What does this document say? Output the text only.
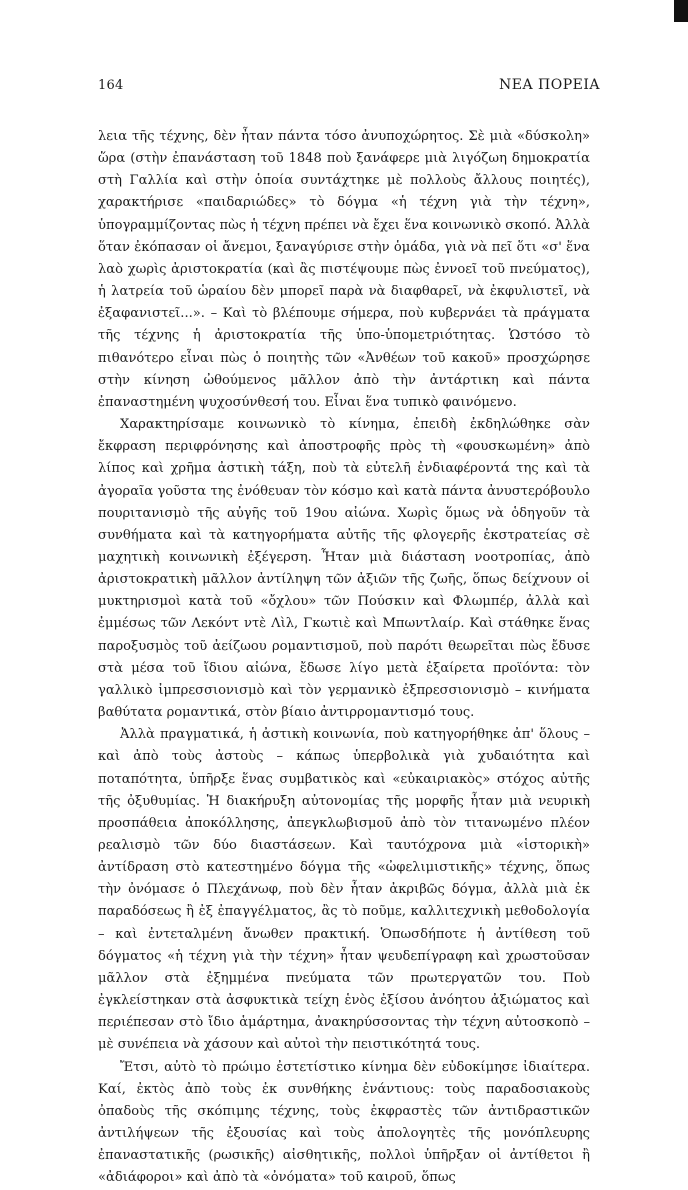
164	ΝΕΑ ΠΟΡΕΙΑ

λεια τῆς τέχνης, δὲν ἦταν πάντα τόσο ἀνυποχώρητος. Σὲ μιὰ «δύσκολη» ὥρα (στὴν ἐπανάσταση τοῦ 1848 ποὺ ξανάφερε μιὰ λιγόζωη δημοκρατία στὴ Γαλλία καὶ στὴν ὁποία συντάχτηκε μὲ πολλοὺς ἄλλους ποιητές), χαρακτήρισε «παιδαριώδες» τὸ δόγμα «ἡ τέχνη γιὰ τὴν τέχνη», ὑπογραμμίζοντας πὼς ἡ τέχνη πρέπει νὰ ἔχει ἕνα κοινωνικὸ σκοπό. Ἀλλὰ ὅταν ἐκόπασαν οἱ ἄνεμοι, ξαναγύρισε στὴν ὁμάδα, γιὰ νὰ πεῖ ὅτι «σ' ἕνα λαὸ χωρὶς ἀριστοκρατία (καὶ ἂς πιστέψουμε πὼς ἐννοεῖ τοῦ πνεύματος), ἡ λατρεία τοῦ ὡραίου δὲν μπορεῖ παρὰ νὰ διαφθαρεῖ, νὰ ἐκφυλιστεῖ, νὰ ἐξαφανιστεῖ...». – Καὶ τὸ βλέπουμε σήμερα, ποὺ κυβερνάει τὰ πράγματα τῆς τέχνης ἡ ἀριστοκρατία τῆς ὑπο-ὑπομετριότητας. Ὡστόσο τὸ πιθανότερο εἶναι πὼς ὁ ποιητὴς τῶν «Ἀνθέων τοῦ κακοῦ» προσχώρησε στὴν κίνηση ὠθούμενος μᾶλλον ἀπὸ τὴν ἀντάρτικη καὶ πάντα ἐπαναστημένη ψυχοσύνθεσή του. Εἶναι ἕνα τυπικὸ φαινόμενο.

Χαρακτηρίσαμε κοινωνικὸ τὸ κίνημα, ἐπειδὴ ἐκδηλώθηκε σὰν ἔκφραση περιφρόνησης καὶ ἀποστροφῆς πρὸς τὴ «φουσκωμένη» ἀπὸ λίπος καὶ χρῆμα ἀστικὴ τάξη, ποὺ τὰ εὐτελῆ ἐνδιαφέροντά της καὶ τὰ ἀγοραῖα γοῦστα της ἐνόθευαν τὸν κόσμο καὶ κατὰ πάντα ἀνυστερόβουλο πουριτανισμὸ τῆς αὐγῆς τοῦ 19ου αἰώνα. Χωρὶς ὅμως νὰ ὁδηγοῦν τὰ συνθήματα καὶ τὰ κατηγορήματα αὐτῆς τῆς φλογερῆς ἐκστρατείας σὲ μαχητικὴ κοινωνικὴ ἐξέγερση. Ἦταν μιὰ διάσταση νοοτροπίας, ἀπὸ ἀριστοκρατικὴ μᾶλλον ἀντίληψη τῶν ἀξιῶν τῆς ζωῆς, ὅπως δείχνουν οἱ μυκτηρισμοὶ κατὰ τοῦ «ὄχλου» τῶν Πούσκιν καὶ Φλωμπέρ, ἀλλὰ καὶ ἐμμέσως τῶν Λεκόντ ντὲ Λὶλ, Γκωτιὲ καὶ Μπωντλαίρ. Καὶ στάθηκε ἕνας παροξυσμὸς τοῦ ἀείζωου ρομαντισμοῦ, ποὺ παρότι θεωρεῖται πὼς ἔδυσε στὰ μέσα τοῦ ἴδιου αἰώνα, ἔδωσε λίγο μετὰ ἐξαίρετα προϊόντα: τὸν γαλλικὸ ἰμπρεσσιονισμὸ καὶ τὸν γερμανικὸ ἐξπρεσσιονισμὸ – κινήματα βαθύτατα ρομαντικά, στὸν βίαιο ἀντιρρομαντισμό τους.

Ἀλλὰ πραγματικά, ἡ ἀστικὴ κοινωνία, ποὺ κατηγορήθηκε ἀπ' ὅλους – καὶ ἀπὸ τοὺς ἀστοὺς – κάπως ὑπερβολικὰ γιὰ χυδαιότητα καὶ ποταπότητα, ὑπῆρξε ἕνας συμβατικὸς καὶ «εὐκαιριακὸς» στόχος αὐτῆς τῆς ὀξυθυμίας. Ἡ διακήρυξη αὐτονομίας τῆς μορφῆς ἦταν μιὰ νευρικὴ προσπάθεια ἀποκόλλησης, ἀπεγκλωβισμοῦ ἀπὸ τὸν τιτανωμένο πλέον ρεαλισμὸ τῶν δύο διαστάσεων. Καὶ ταυτόχρονα μιὰ «ἱστορικὴ» ἀντίδραση στὸ κατεστημένο δόγμα τῆς «ὠφελιμιστικῆς» τέχνης, ὅπως τὴν ὀνόμασε ὁ Πλεχάνωφ, ποὺ δὲν ἦταν ἀκριβῶς δόγμα, ἀλλὰ μιὰ ἐκ παραδόσεως ἢ ἐξ ἐπαγγέλματος, ἂς τὸ ποῦμε, καλλιτεχνικὴ μεθοδολογία – καὶ ἐντεταλμένη ἄνωθεν πρακτική. Ὁπωσδήποτε ἡ ἀντίθεση τοῦ δόγματος «ἡ τέχνη γιὰ τὴν τέχνη» ἦταν ψευδεπίγραφη καὶ χρωστοῦσαν μᾶλλον στὰ ἐξημμένα πνεύματα τῶν πρωτεργατῶν του. Ποὺ ἐγκλείστηκαν στὰ ἀσφυκτικὰ τείχη ἑνὸς ἐξίσου ἀνόητου ἀξιώματος καὶ περιέπεσαν στὸ ἴδιο ἁμάρτημα, ἀνακηρύσσοντας τὴν τέχνη αὐτοσκοπὸ – μὲ συνέπεια νὰ χάσουν καὶ αὐτοὶ τὴν πειστικότητά τους.

Ἔτσι, αὐτὸ τὸ πρώιμο ἐστετίστικο κίνημα δὲν εὐδοκίμησε ἰδιαίτερα. Καί, ἐκτὸς ἀπὸ τοὺς ἐκ συνθήκης ἐνάντιους: τοὺς παραδοσιακοὺς ὀπαδοὺς τῆς σκόπιμης τέχνης, τοὺς ἐκφραστὲς τῶν ἀντιδραστικῶν ἀντιλήψεων τῆς ἐξουσίας καὶ τοὺς ἀπολογητὲς τῆς μονόπλευρης ἐπαναστατικῆς (ρωσικῆς) αἰσθητικῆς, πολλοὶ ὑπῆρξαν οἱ ἀντίθετοι ἢ «ἀδιάφοροι» καὶ ἀπὸ τὰ «ὀνόματα» τοῦ καιροῦ, ὅπως
